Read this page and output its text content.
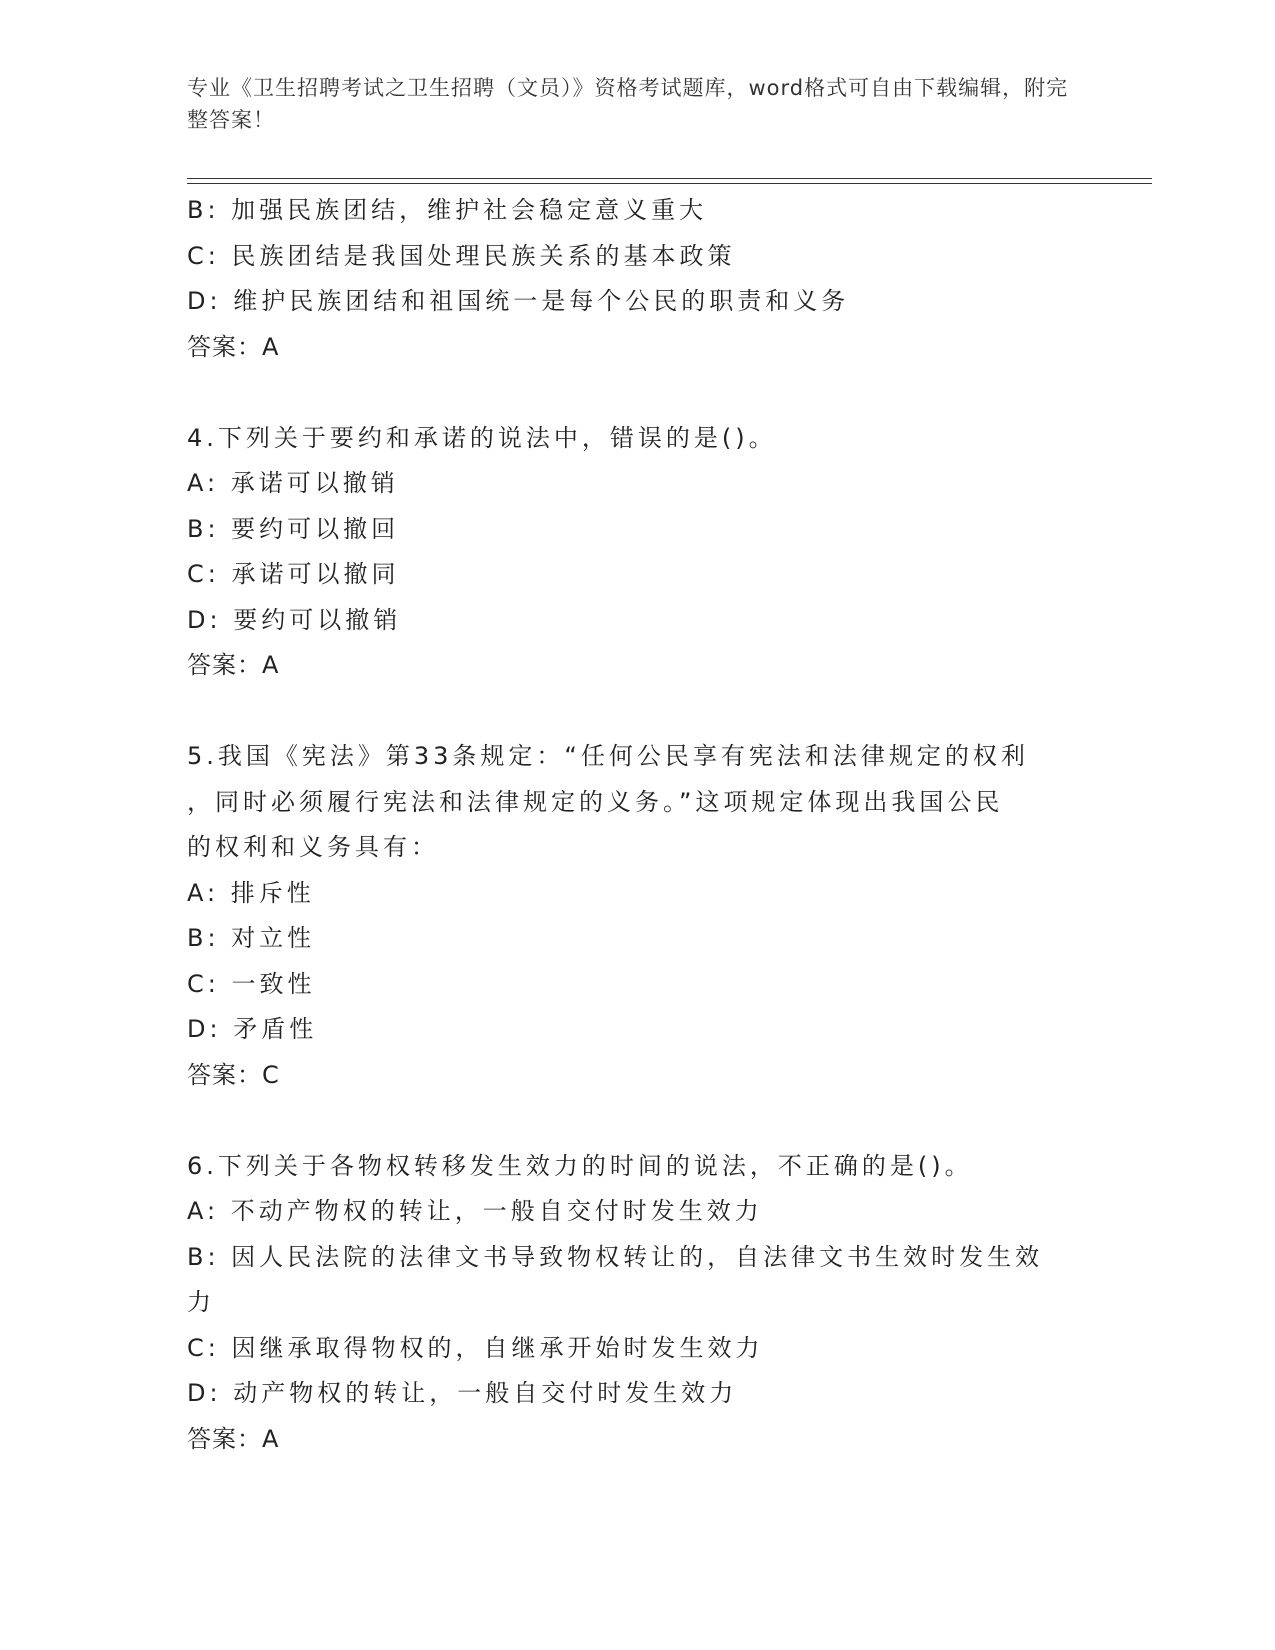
专业《卫生招聘考试之卫生招聘（文员）》资格考试题库，word格式可自由下载编辑，附完整答案！
B: 加强民族团结，维护社会稳定意义重大
C: 民族团结是我国处理民族关系的基本政策
D: 维护民族团结和祖国统一是每个公民的职责和义务
答案：A
4.下列关于要约和承诺的说法中，错误的是()。
A: 承诺可以撤销
B: 要约可以撤回
C: 承诺可以撤同
D: 要约可以撤销
答案：A
5.我国《宪法》第33条规定：“任何公民享有宪法和法律规定的权利
，同时必须履行宪法和法律规定的义务。”这项规定体现出我国公民
的权利和义务具有：
A: 排斥性
B: 对立性
C: 一致性
D: 矛盾性
答案：C
6.下列关于各物权转移发生效力的时间的说法，不正确的是()。
A: 不动产物权的转让，一般自交付时发生效力
B: 因人民法院的法律文书导致物权转让的，自法律文书生效时发生效
力
C: 因继承取得物权的，自继承开始时发生效力
D: 动产物权的转让，一般自交付时发生效力
答案：A
